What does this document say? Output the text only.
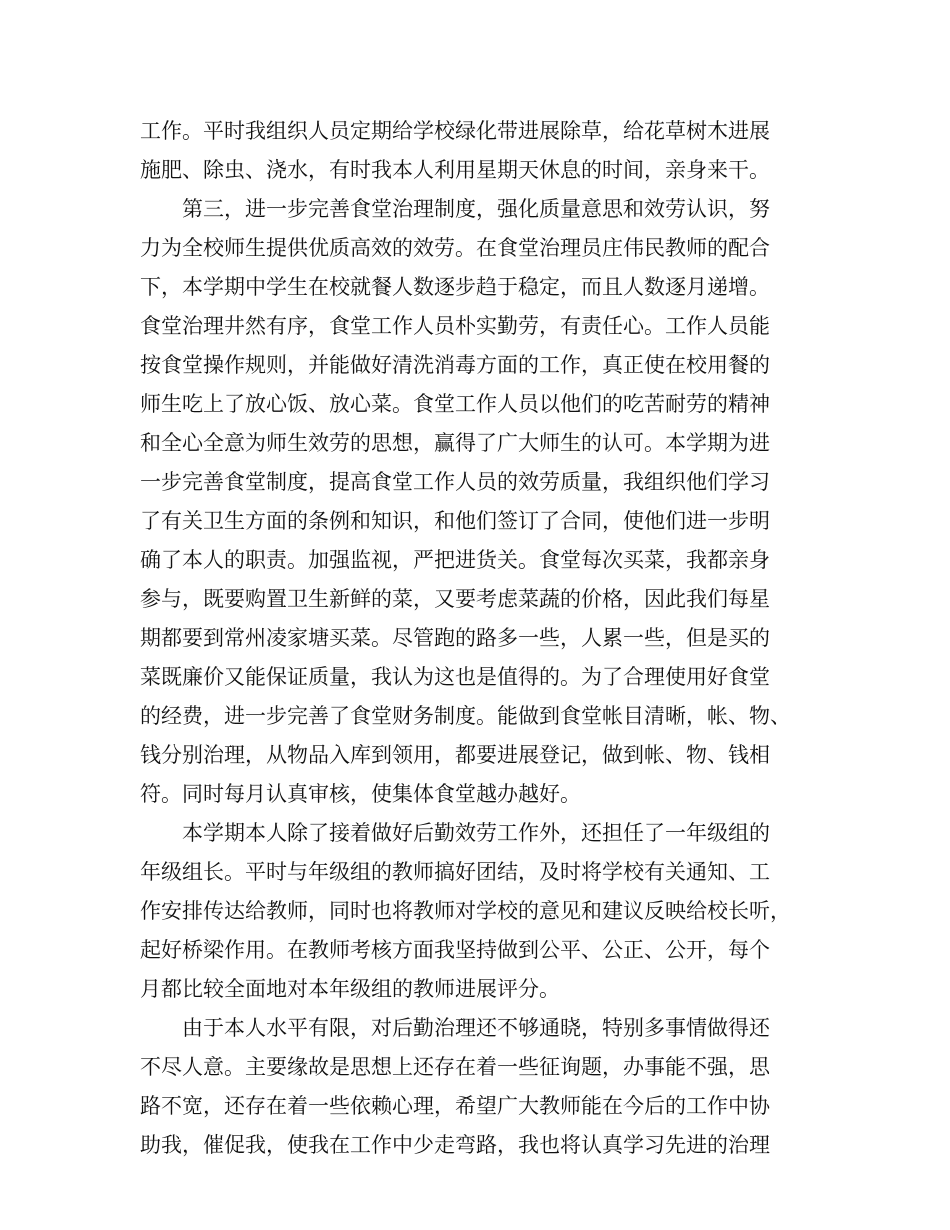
工作。平时我组织人员定期给学校绿化带进展除草，给花草树木进展
施肥、除虫、浇水，有时我本人利用星期天休息的时间，亲身来干。
第三，进一步完善食堂治理制度，强化质量意思和效劳认识，努
力为全校师生提供优质高效的效劳。在食堂治理员庄伟民教师的配合
下，本学期中学生在校就餐人数逐步趋于稳定，而且人数逐月递增。
食堂治理井然有序，食堂工作人员朴实勤劳，有责任心。工作人员能
按食堂操作规则，并能做好清洗消毒方面的工作，真正使在校用餐的
师生吃上了放心饭、放心菜。食堂工作人员以他们的吃苦耐劳的精神
和全心全意为师生效劳的思想，赢得了广大师生的认可。本学期为进
一步完善食堂制度，提高食堂工作人员的效劳质量，我组织他们学习
了有关卫生方面的条例和知识，和他们签订了合同，使他们进一步明
确了本人的职责。加强监视，严把进货关。食堂每次买菜，我都亲身
参与，既要购置卫生新鲜的菜，又要考虑菜蔬的价格，因此我们每星
期都要到常州凌家塘买菜。尽管跑的路多一些，人累一些，但是买的
菜既廉价又能保证质量，我认为这也是值得的。为了合理使用好食堂
的经费，进一步完善了食堂财务制度。能做到食堂帐目清晰，帐、物、
钱分别治理，从物品入库到领用，都要进展登记，做到帐、物、钱相
符。同时每月认真审核，使集体食堂越办越好。
本学期本人除了接着做好后勤效劳工作外，还担任了一年级组的
年级组长。平时与年级组的教师搞好团结，及时将学校有关通知、工
作安排传达给教师，同时也将教师对学校的意见和建议反映给校长听，
起好桥梁作用。在教师考核方面我坚持做到公平、公正、公开，每个
月都比较全面地对本年级组的教师进展评分。
由于本人水平有限，对后勤治理还不够通晓，特别多事情做得还
不尽人意。主要缘故是思想上还存在着一些征询题，办事能不强，思
路不宽，还存在着一些依赖心理，希望广大教师能在今后的工作中协
助我，催促我，使我在工作中少走弯路，我也将认真学习先进的治理
